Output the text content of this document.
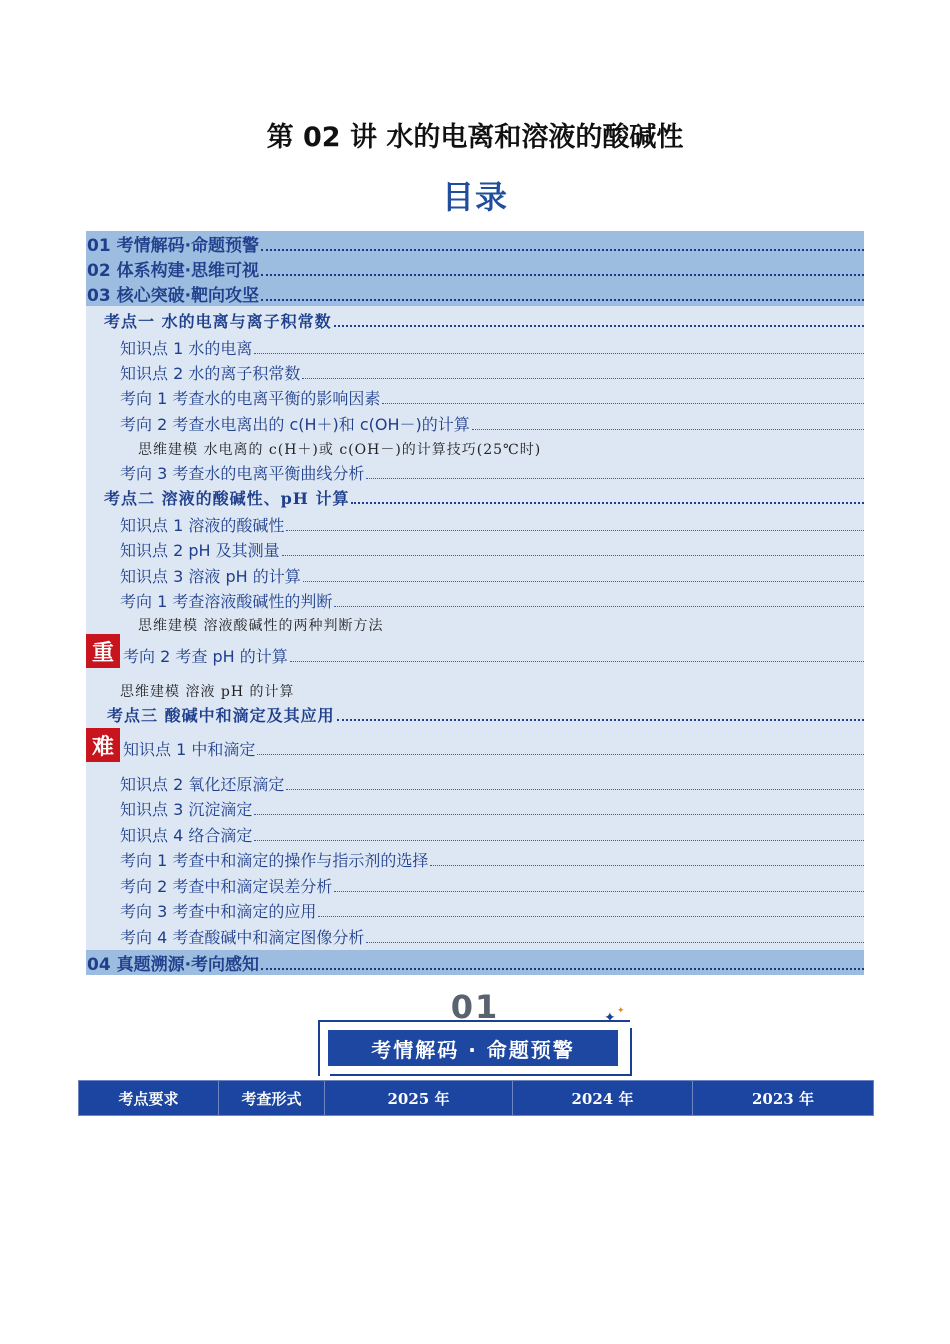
第 02 讲 水的电离和溶液的酸碱性
目录
01 考情解码·命题预警
02 体系构建·思维可视
03 核心突破·靶向攻坚
考点一 水的电离与离子积常数
知识点 1 水的电离
知识点 2 水的离子积常数
考向 1 考查水的电离平衡的影响因素
考向 2 考查水电离出的 c(H＋)和 c(OH－)的计算
思维建模 水电离的 c(H＋)或 c(OH－)的计算技巧(25℃时)
考向 3 考查水的电离平衡曲线分析
考点二 溶液的酸碱性、pH 计算
知识点 1 溶液的酸碱性
知识点 2 pH 及其测量
知识点 3 溶液 pH 的计算
考向 1 考查溶液酸碱性的判断
思维建模 溶液酸碱性的两种判断方法
重 考向 2 考查 pH 的计算
思维建模 溶液 pH 的计算
考点三 酸碱中和滴定及其应用
难 知识点 1 中和滴定
知识点 2 氧化还原滴定
知识点 3 沉淀滴定
知识点 4 络合滴定
考向 1 考查中和滴定的操作与指示剂的选择
考向 2 考查中和滴定误差分析
考向 3 考查中和滴定的应用
考向 4 考查酸碱中和滴定图像分析
04 真题溯源·考向感知
01
考情解码 · 命题预警
✦ ✦
考点要求	考查形式	2025 年	2024 年	2023 年
